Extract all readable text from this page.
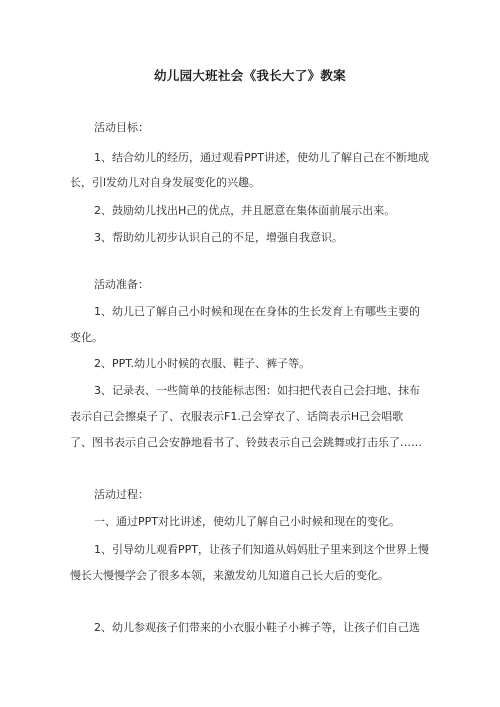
幼儿园大班社会《我长大了》教案
活动目标：
1、结合幼儿的经历，通过观看PPT讲述，使幼儿了解自己在不断地成
长，引l发幼儿对自身发展变化的兴趣。
2、鼓励幼儿找出H己的优点，并且愿意在集体面前展示出来。
3、帮助幼儿初步认识自己的不足，增强自我意识。
活动准备：
1、幼儿已了解自己小时候和现在在身体的生长发育上有哪些主要的
变化。
2、PPT.幼儿小时候的衣服、鞋子、裤子等。
3、记录表、一些简单的技能标志图：如扫把代表自己会扫地、抹布
表示自己会擦桌子了、衣服表示F1.己会穿衣了、话筒表示H己会唱歌
了、图书表示自己会安静地看书了、铃鼓表示自己会跳舞或打击乐了……
活动过程：
一、通过PPT对比讲述，使幼儿了解自己小时候和现在的变化。
1、引导幼儿观看PPT，让孩子们知道从妈妈肚子里来到这个世界上慢
慢长大慢慢学会了很多本领，来激发幼儿知道自己长大后的变化。
2、幼儿参观孩子们带来的小衣服小鞋子小裤子等，让孩子们自己选
